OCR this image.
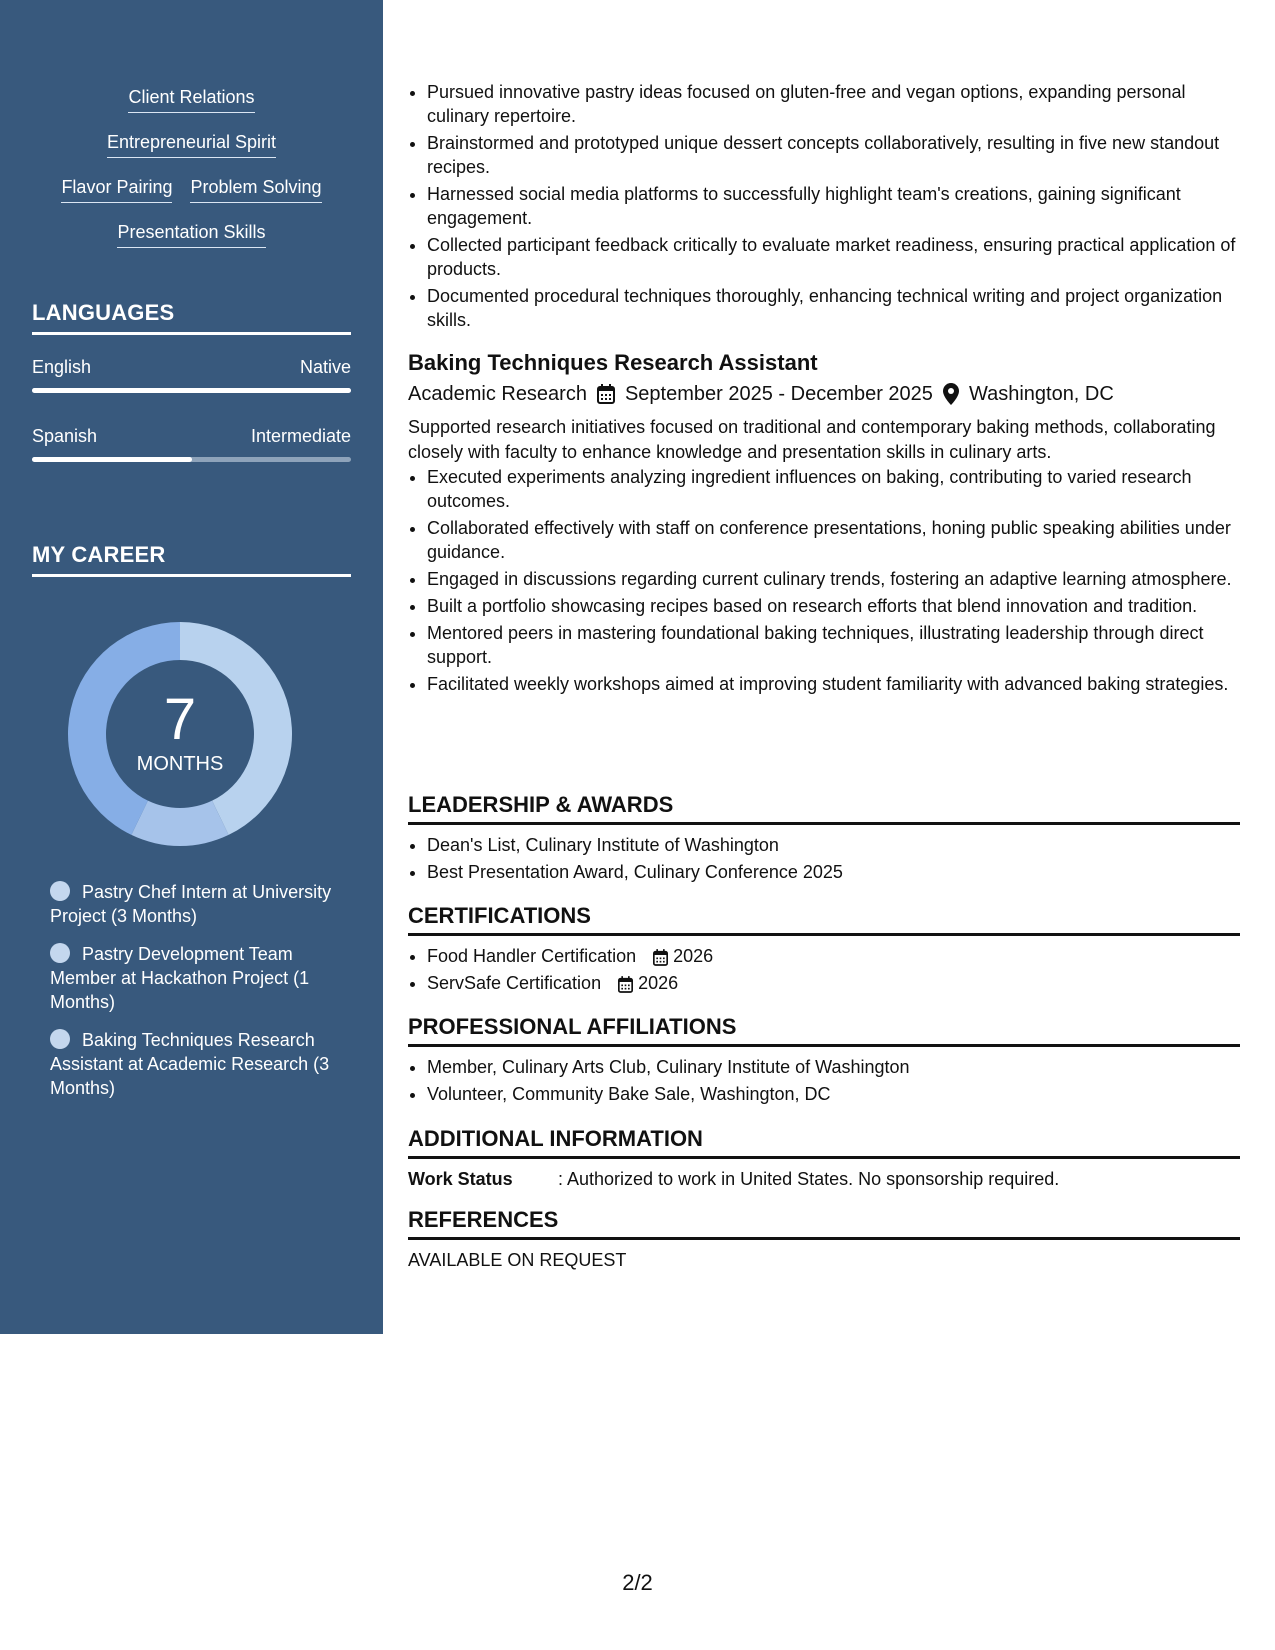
Client Relations
Entrepreneurial Spirit
Flavor Pairing Problem Solving
Presentation Skills
LANGUAGES
English	Native
Spanish	Intermediate
MY CAREER
7
MONTHS
Pastry Chef Intern at University Project (3 Months)
Pastry Development Team Member at Hackathon Project (1 Months)
Baking Techniques Research Assistant at Academic Research (3 Months)
• Pursued innovative pastry ideas focused on gluten-free and vegan options, expanding personal culinary repertoire.
• Brainstormed and prototyped unique dessert concepts collaboratively, resulting in five new standout recipes.
• Harnessed social media platforms to successfully highlight team's creations, gaining significant engagement.
• Collected participant feedback critically to evaluate market readiness, ensuring practical application of products.
• Documented procedural techniques thoroughly, enhancing technical writing and project organization skills.
Baking Techniques Research Assistant
Academic Research September 2025 - December 2025 Washington, DC
Supported research initiatives focused on traditional and contemporary baking methods, collaborating closely with faculty to enhance knowledge and presentation skills in culinary arts.
• Executed experiments analyzing ingredient influences on baking, contributing to varied research outcomes.
• Collaborated effectively with staff on conference presentations, honing public speaking abilities under guidance.
• Engaged in discussions regarding current culinary trends, fostering an adaptive learning atmosphere.
• Built a portfolio showcasing recipes based on research efforts that blend innovation and tradition.
• Mentored peers in mastering foundational baking techniques, illustrating leadership through direct support.
• Facilitated weekly workshops aimed at improving student familiarity with advanced baking strategies.
LEADERSHIP & AWARDS
• Dean's List, Culinary Institute of Washington
• Best Presentation Award, Culinary Conference 2025
CERTIFICATIONS
• Food Handler Certification 2026
• ServSafe Certification 2026
PROFESSIONAL AFFILIATIONS
• Member, Culinary Arts Club, Culinary Institute of Washington
• Volunteer, Community Bake Sale, Washington, DC
ADDITIONAL INFORMATION
Work Status	: Authorized to work in United States. No sponsorship required.
REFERENCES
AVAILABLE ON REQUEST
2/2
